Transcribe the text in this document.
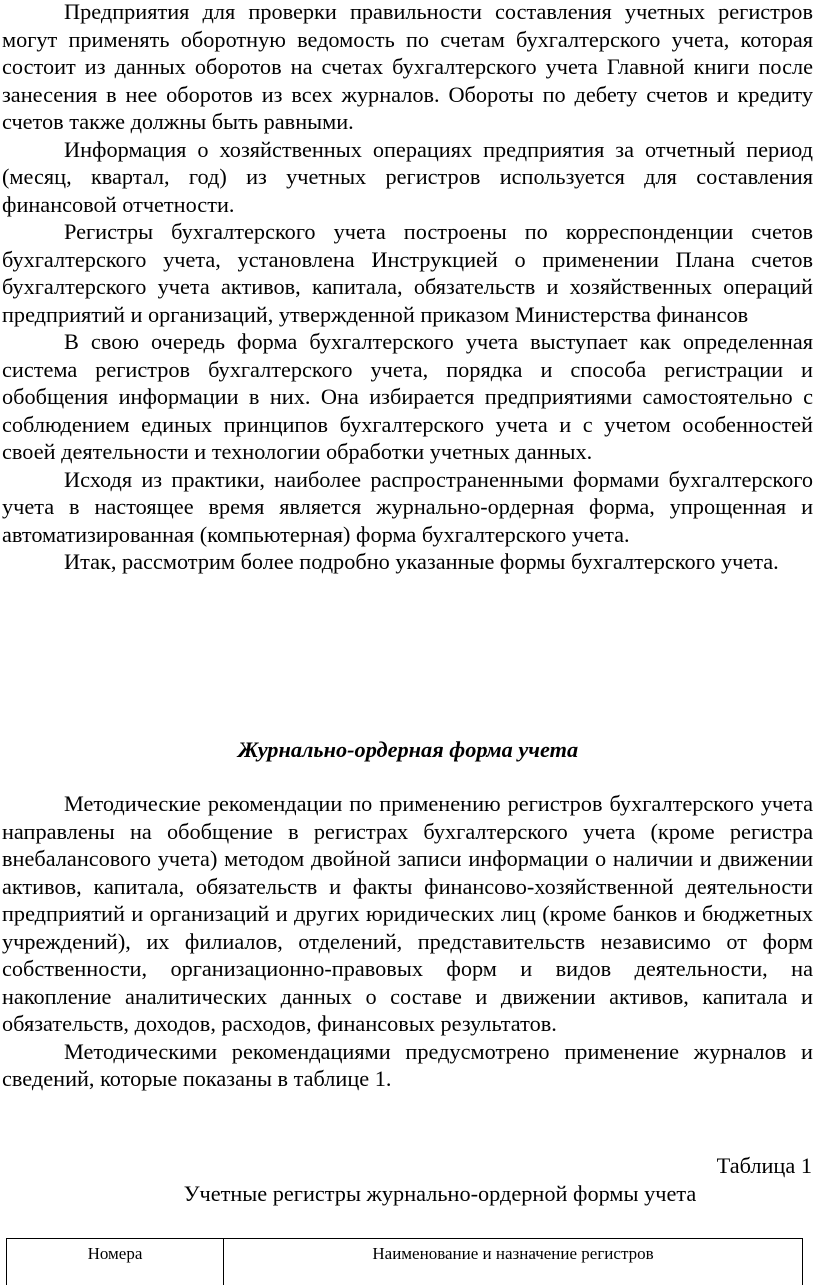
Предприятия для проверки правильности составления учетных регистров могут применять оборотную ведомость по счетам бухгалтерского учета, которая состоит из данных оборотов на счетах бухгалтерского учета Главной книги после занесения в нее оборотов из всех журналов. Обороты по дебету счетов и кредиту счетов также должны быть равными.

Информация о хозяйственных операциях предприятия за отчетный период (месяц, квартал, год) из учетных регистров используется для составления финансовой отчетности.

Регистры бухгалтерского учета построены по корреспонденции счетов бухгалтерского учета, установлена Инструкцией о применении Плана счетов бухгалтерского учета активов, капитала, обязательств и хозяйственных операций предприятий и организаций, утвержденной приказом Министерства финансов

В свою очередь форма бухгалтерского учета выступает как определенная система регистров бухгалтерского учета, порядка и способа регистрации и обобщения информации в них. Она избирается предприятиями самостоятельно с соблюдением единых принципов бухгалтерского учета и с учетом особенностей своей деятельности и технологии обработки учетных данных.

Исходя из практики, наиболее распространенными формами бухгалтерского учета в настоящее время является журнально-ордерная форма, упрощенная и автоматизированная (компьютерная) форма бухгалтерского учета.

Итак, рассмотрим более подробно указанные формы бухгалтерского учета.

Журнально-ордерная форма учета

Методические рекомендации по применению регистров бухгалтерского учета направлены на обобщение в регистрах бухгалтерского учета (кроме регистра внебалансового учета) методом двойной записи информации о наличии и движении активов, капитала, обязательств и факты финансово-хозяйственной деятельности предприятий и организаций и других юридических лиц (кроме банков и бюджетных учреждений), их филиалов, отделений, представительств независимо от форм собственности, организационно-правовых форм и видов деятельности, на накопление аналитических данных о составе и движении активов, капитала и обязательств, доходов, расходов, финансовых результатов.

Методическими рекомендациями предусмотрено применение журналов и сведений, которые показаны в таблице 1.

Таблица 1

Учетные регистры журнально-ордерной формы учета

Номера	Наименование и назначение регистров
